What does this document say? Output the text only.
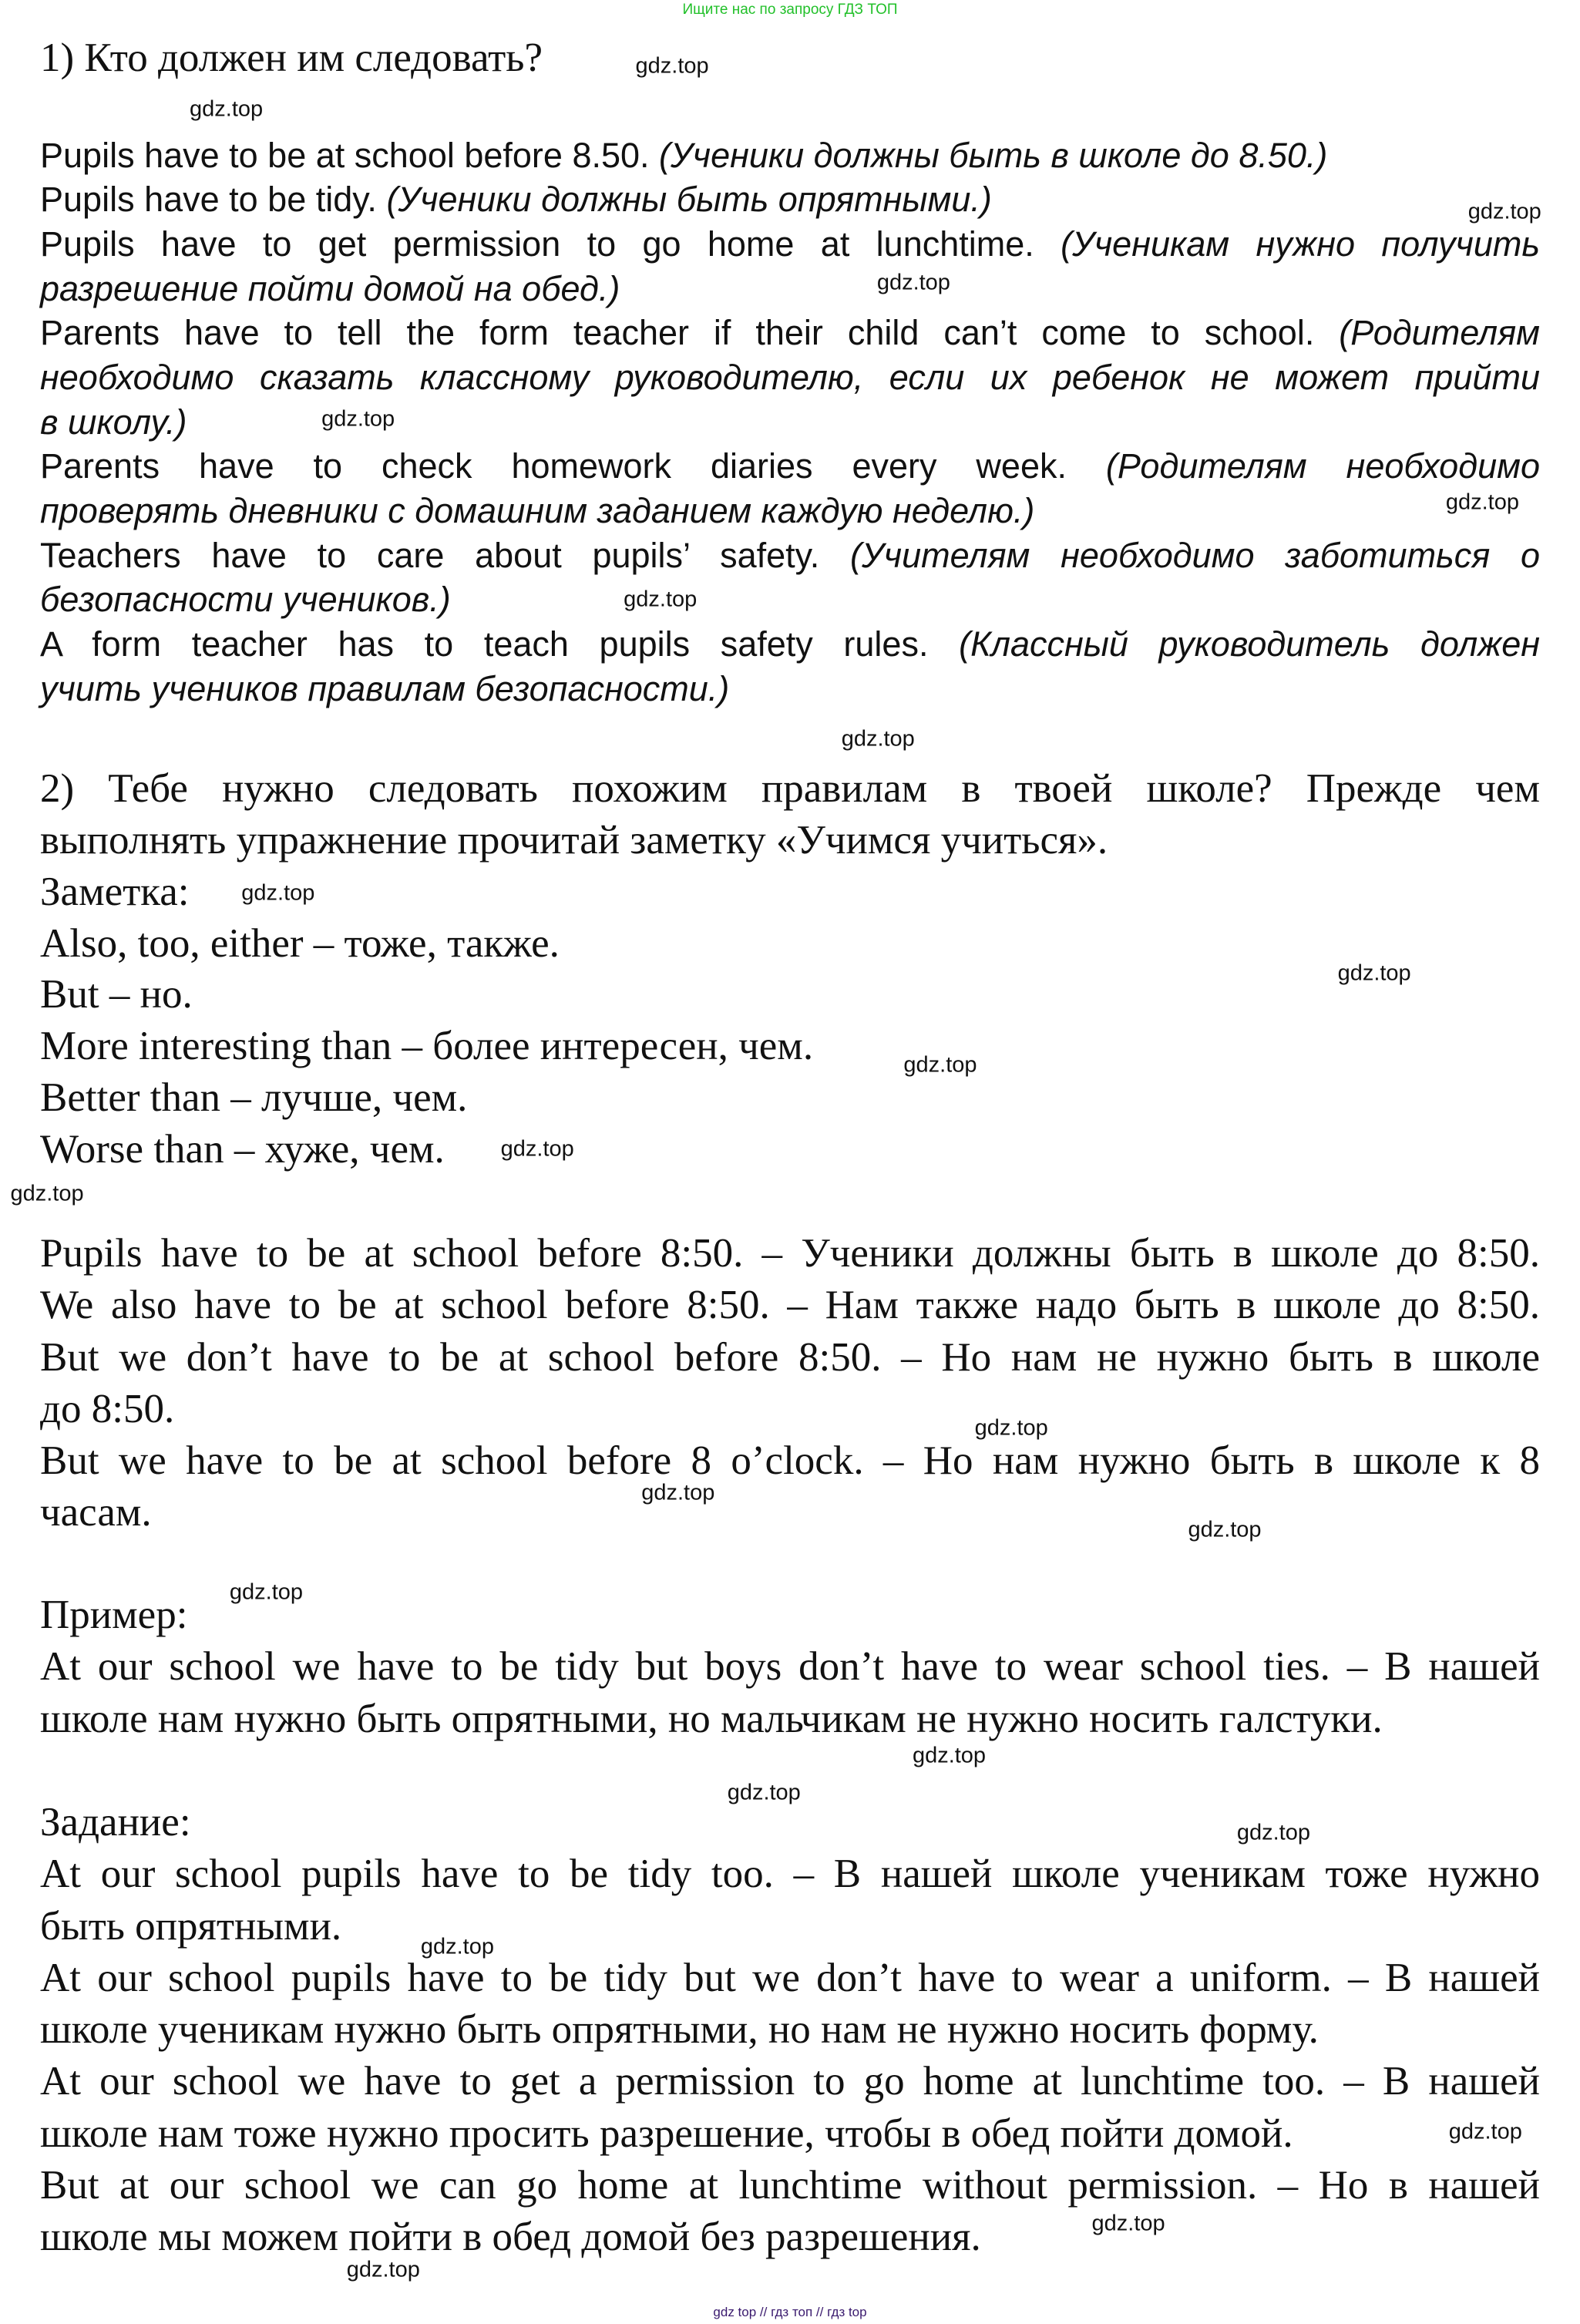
Ищите нас по запросу ГДЗ ТОП
1) Кто должен им следовать?
Pupils have to be at school before 8.50. (Ученики должны быть в школе до 8.50.)
Pupils have to be tidy. (Ученики должны быть опрятными.)
Pupils have to get permission to go home at lunchtime. (Ученикам нужно получить
разрешение пойти домой на обед.)
Parents have to tell the form teacher if their child can’t come to school. (Родителям
необходимо сказать классному руководителю, если их ребенок не может прийти
в школу.)
Parents have to check homework diaries every week. (Родителям необходимо
проверять дневники с домашним заданием каждую неделю.)
Teachers have to care about pupils’ safety. (Учителям необходимо заботиться о
безопасности учеников.)
A form teacher has to teach pupils safety rules. (Классный руководитель должен
учить учеников правилам безопасности.)
2) Тебе нужно следовать похожим правилам в твоей школе? Прежде чем
выполнять упражнение прочитай заметку «Учимся учиться».
Заметка:
Also, too, either – тоже, также.
But – но.
More interesting than – более интересен, чем.
Better than – лучше, чем.
Worse than – хуже, чем.
Pupils have to be at school before 8:50. – Ученики должны быть в школе до 8:50.
We also have to be at school before 8:50. – Нам также надо быть в школе до 8:50.
But we don’t have to be at school before 8:50. – Но нам не нужно быть в школе
до 8:50.
But we have to be at school before 8 o’clock. – Но нам нужно быть в школе к 8
часам.
Пример:
At our school we have to be tidy but boys don’t have to wear school ties. – В нашей
школе нам нужно быть опрятными, но мальчикам не нужно носить галстуки.
Задание:
At our school pupils have to be tidy too. – В нашей школе ученикам тоже нужно
быть опрятными.
At our school pupils have to be tidy but we don’t have to wear a uniform. – В нашей
школе ученикам нужно быть опрятными, но нам не нужно носить форму.
At our school we have to get a permission to go home at lunchtime too. – В нашей
школе нам тоже нужно просить разрешение, чтобы в обед пойти домой.
But at our school we can go home at lunchtime without permission. – Но в нашей
школе мы можем пойти в обед домой без разрешения.
gdz.top
gdz.top
gdz.top
gdz.top
gdz.top
gdz.top
gdz.top
gdz.top
gdz.top
gdz.top
gdz.top
gdz.top
gdz.top
gdz.top
gdz.top
gdz.top
gdz.top
gdz.top
gdz.top
gdz.top
gdz.top
gdz.top
gdz.top
gdz.top
gdz top // гдз топ // гдз top
